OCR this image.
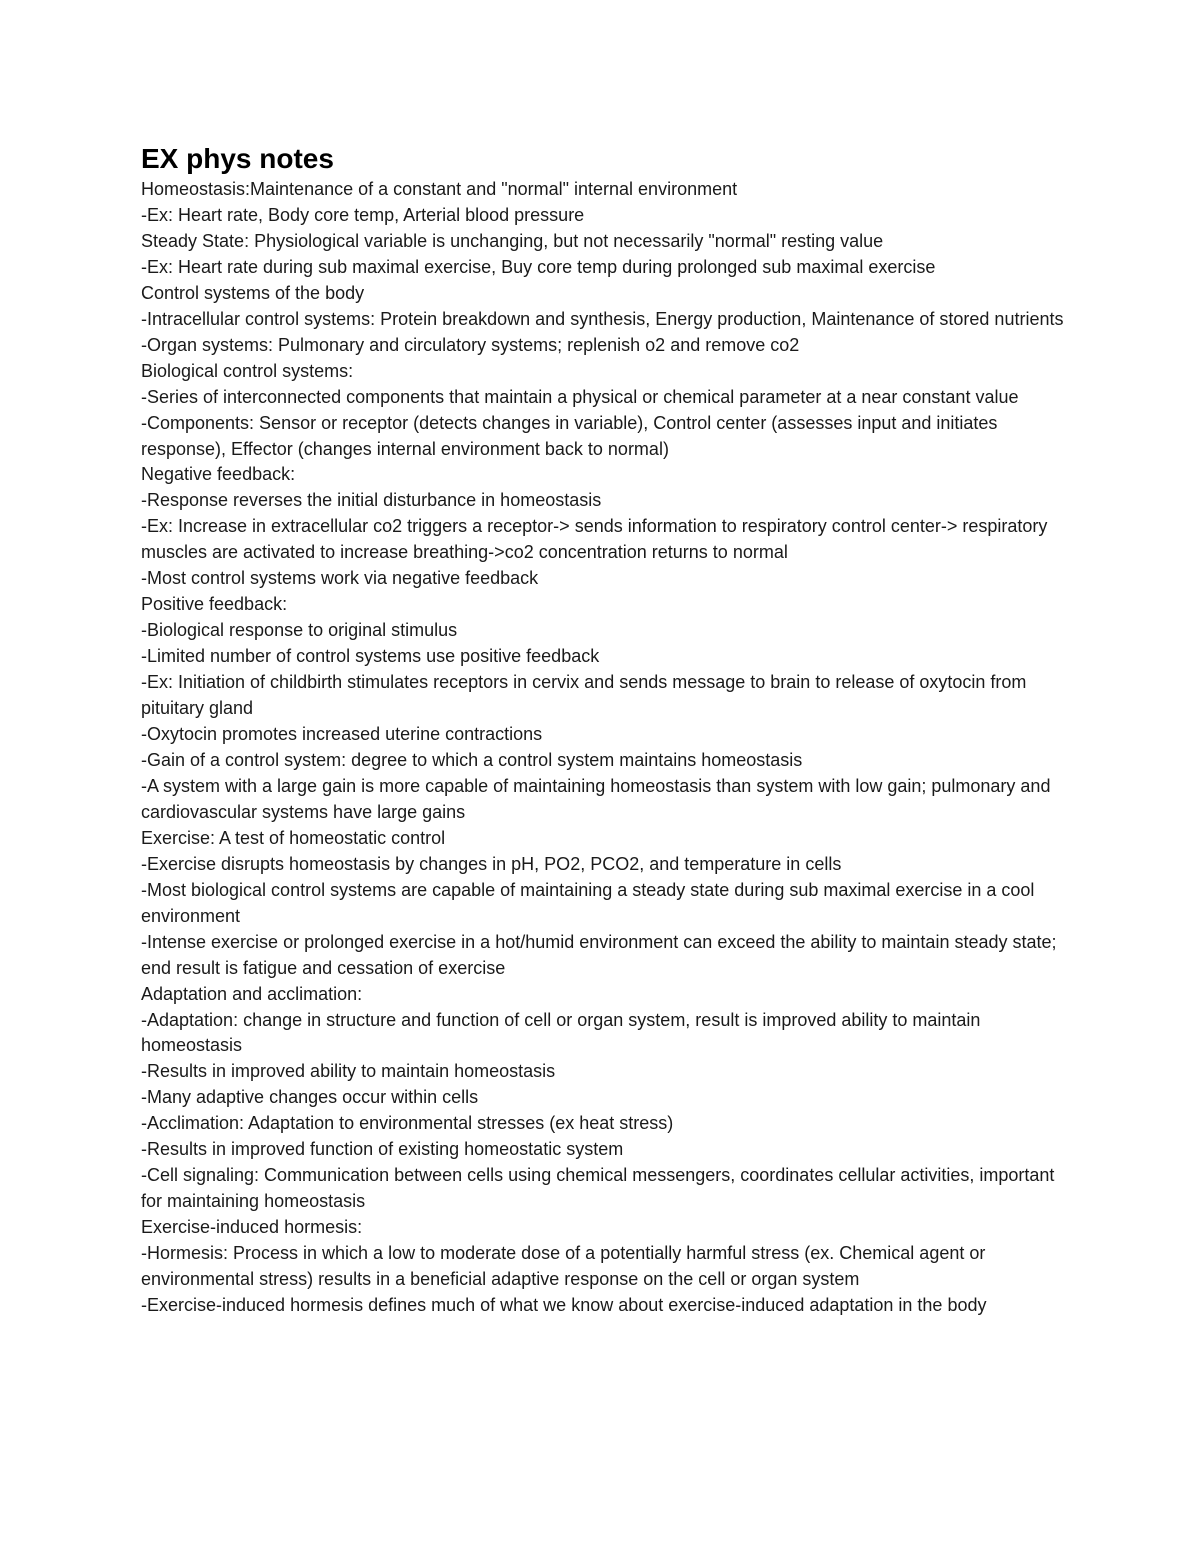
EX phys notes
Homeostasis:Maintenance of a constant and "normal" internal environment
-Ex: Heart rate, Body core temp, Arterial blood pressure
Steady State: Physiological variable is unchanging, but not necessarily "normal" resting value
-Ex: Heart rate during sub maximal exercise, Buy core temp during prolonged sub maximal exercise
Control systems of the body
-Intracellular control systems: Protein breakdown and synthesis, Energy production, Maintenance of stored nutrients
-Organ systems: Pulmonary and circulatory systems; replenish o2 and remove co2
Biological control systems:
-Series of interconnected components that maintain a physical or chemical parameter at a near constant value
-Components: Sensor or receptor (detects changes in variable), Control center (assesses input and initiates response), Effector (changes internal environment back to normal)
Negative feedback:
-Response reverses the initial disturbance in homeostasis
-Ex: Increase in extracellular co2 triggers a receptor-> sends information to respiratory control center-> respiratory muscles are activated to increase breathing->co2 concentration returns to normal
-Most control systems work via negative feedback
Positive feedback:
-Biological response to original stimulus
-Limited number of control systems use positive feedback
-Ex: Initiation of childbirth stimulates receptors in cervix and sends message to brain to release of oxytocin from pituitary gland
-Oxytocin promotes increased uterine contractions
-Gain of a control system: degree to which a control system maintains homeostasis
-A system with a large gain is more capable of maintaining homeostasis than system with low gain; pulmonary and cardiovascular systems have large gains
Exercise: A test of homeostatic control
-Exercise disrupts homeostasis by changes in pH, PO2, PCO2, and temperature in cells
-Most biological control systems are capable of maintaining a steady state during sub maximal exercise in a cool environment
-Intense exercise or prolonged exercise in a hot/humid environment can exceed the ability to maintain steady state; end result is fatigue and cessation of exercise
Adaptation and acclimation:
-Adaptation: change in structure and function of cell or organ system, result is improved ability to maintain homeostasis
-Results in improved ability to maintain homeostasis
-Many adaptive changes occur within cells
-Acclimation: Adaptation to environmental stresses (ex heat stress)
-Results in improved function of existing homeostatic system
-Cell signaling: Communication between cells using chemical messengers, coordinates cellular activities, important for maintaining homeostasis
Exercise-induced hormesis:
-Hormesis: Process in which a low to moderate dose of a potentially harmful stress (ex. Chemical agent or environmental stress) results in a beneficial adaptive response on the cell or organ system
-Exercise-induced hormesis defines much of what we know about exercise-induced adaptation in the body
